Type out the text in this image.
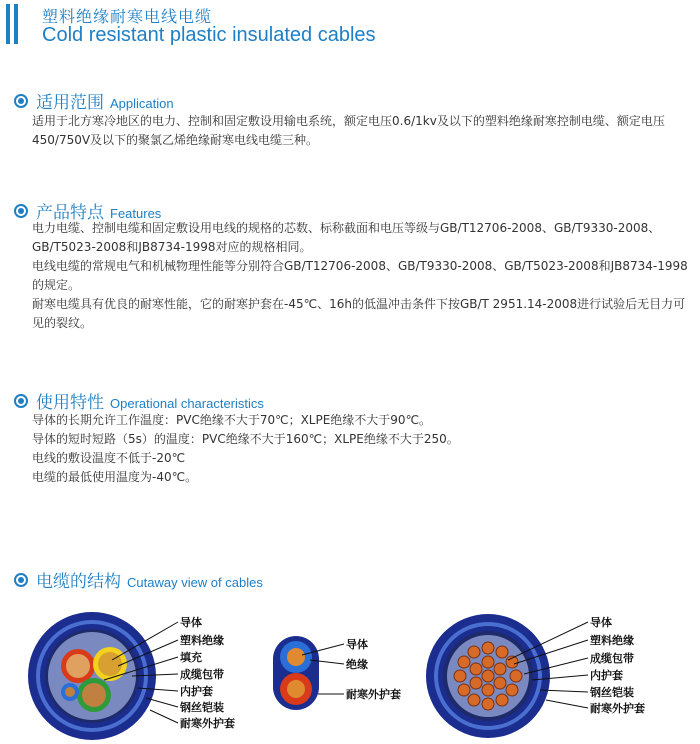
塑料绝缘耐寒电线电缆
Cold resistant plastic insulated cables
适用范围 Application

适用于北方寒冷地区的电力、控制和固定敷设用输电系统，额定电压0.6/1kv及以下的塑料绝缘耐寒控制电缆、额定电压450/750V及以下的聚氯乙烯绝缘耐寒电线电缆三种。

产品特点 Features

电力电缆、控制电缆和固定敷设用电线的规格的芯数、标称截面和电压等级与GB/T12706-2008、GB/T9330-2008、GB/T5023-2008和JB8734-1998对应的规格相同。

电线电缆的常规电气和机械物理性能等分别符合GB/T12706-2008、GB/T9330-2008、GB/T5023-2008和JB8734-1998的规定。

耐寒电缆具有优良的耐寒性能，它的耐寒护套在-45℃、16h的低温冲击条件下按GB/T 2951.14-2008进行试验后无目力可见的裂纹。

使用特性 Operational characteristics

导体的长期允许工作温度：PVC绝缘不大于70℃；XLPE绝缘不大于90℃。

导体的短时短路（5s）的温度：PVC绝缘不大于160℃；XLPE绝缘不大于250。

电线的敷设温度不低于-20℃

电缆的最低使用温度为-40℃。

电缆的结构 Cutaway view of cables
导体
塑料绝缘
填充
成缆包带
内护套
钢丝铠装
耐寒外护套
导体
绝缘
耐寒外护套
导体
塑料绝缘
成缆包带
内护套
钢丝铠装
耐寒外护套
